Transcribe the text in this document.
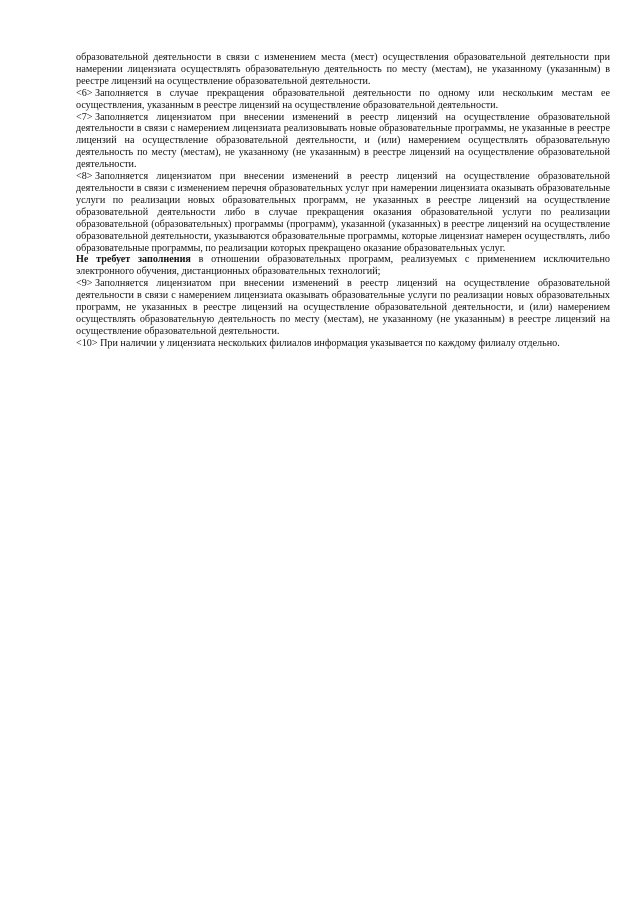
образовательной деятельности в связи с изменением места (мест) осуществления образовательной деятельности при намерении лицензиата осуществлять образовательную деятельность по месту (местам), не указанному (указанным) в реестре лицензий на осуществление образовательной деятельности.

<6> Заполняется в случае прекращения образовательной деятельности по одному или нескольким местам ее осуществления, указанным в реестре лицензий на осуществление образовательной деятельности.

<7> Заполняется лицензиатом при внесении изменений в реестр лицензий на осуществление образовательной деятельности в связи с намерением лицензиата реализовывать новые образовательные программы, не указанные в реестре лицензий на осуществление образовательной деятельности, и (или) намерением осуществлять образовательную деятельность по месту (местам), не указанному (не указанным) в реестре лицензий на осуществление образовательной деятельности.

<8> Заполняется лицензиатом при внесении изменений в реестр лицензий на осуществление образовательной деятельности в связи с изменением перечня образовательных услуг при намерении лицензиата оказывать образовательные услуги по реализации новых образовательных программ, не указанных в реестре лицензий на осуществление образовательной деятельности либо в случае прекращения оказания образовательной услуги по реализации образовательной (образовательных) программы (программ), указанной (указанных) в реестре лицензий на осуществление образовательной деятельности, указываются образовательные программы, которые лицензиат намерен осуществлять, либо образовательные программы, по реализации которых прекращено оказание образовательных услуг.

Не требует заполнения в отношении образовательных программ, реализуемых с применением исключительно электронного обучения, дистанционных образовательных технологий;

<9> Заполняется лицензиатом при внесении изменений в реестр лицензий на осуществление образовательной деятельности в связи с намерением лицензиата оказывать образовательные услуги по реализации новых образовательных программ, не указанных в реестре лицензий на осуществление образовательной деятельности, и (или) намерением осуществлять образовательную деятельность по месту (местам), не указанному (не указанным) в реестре лицензий на осуществление образовательной деятельности.

<10> При наличии у лицензиата нескольких филиалов информация указывается по каждому филиалу отдельно.
